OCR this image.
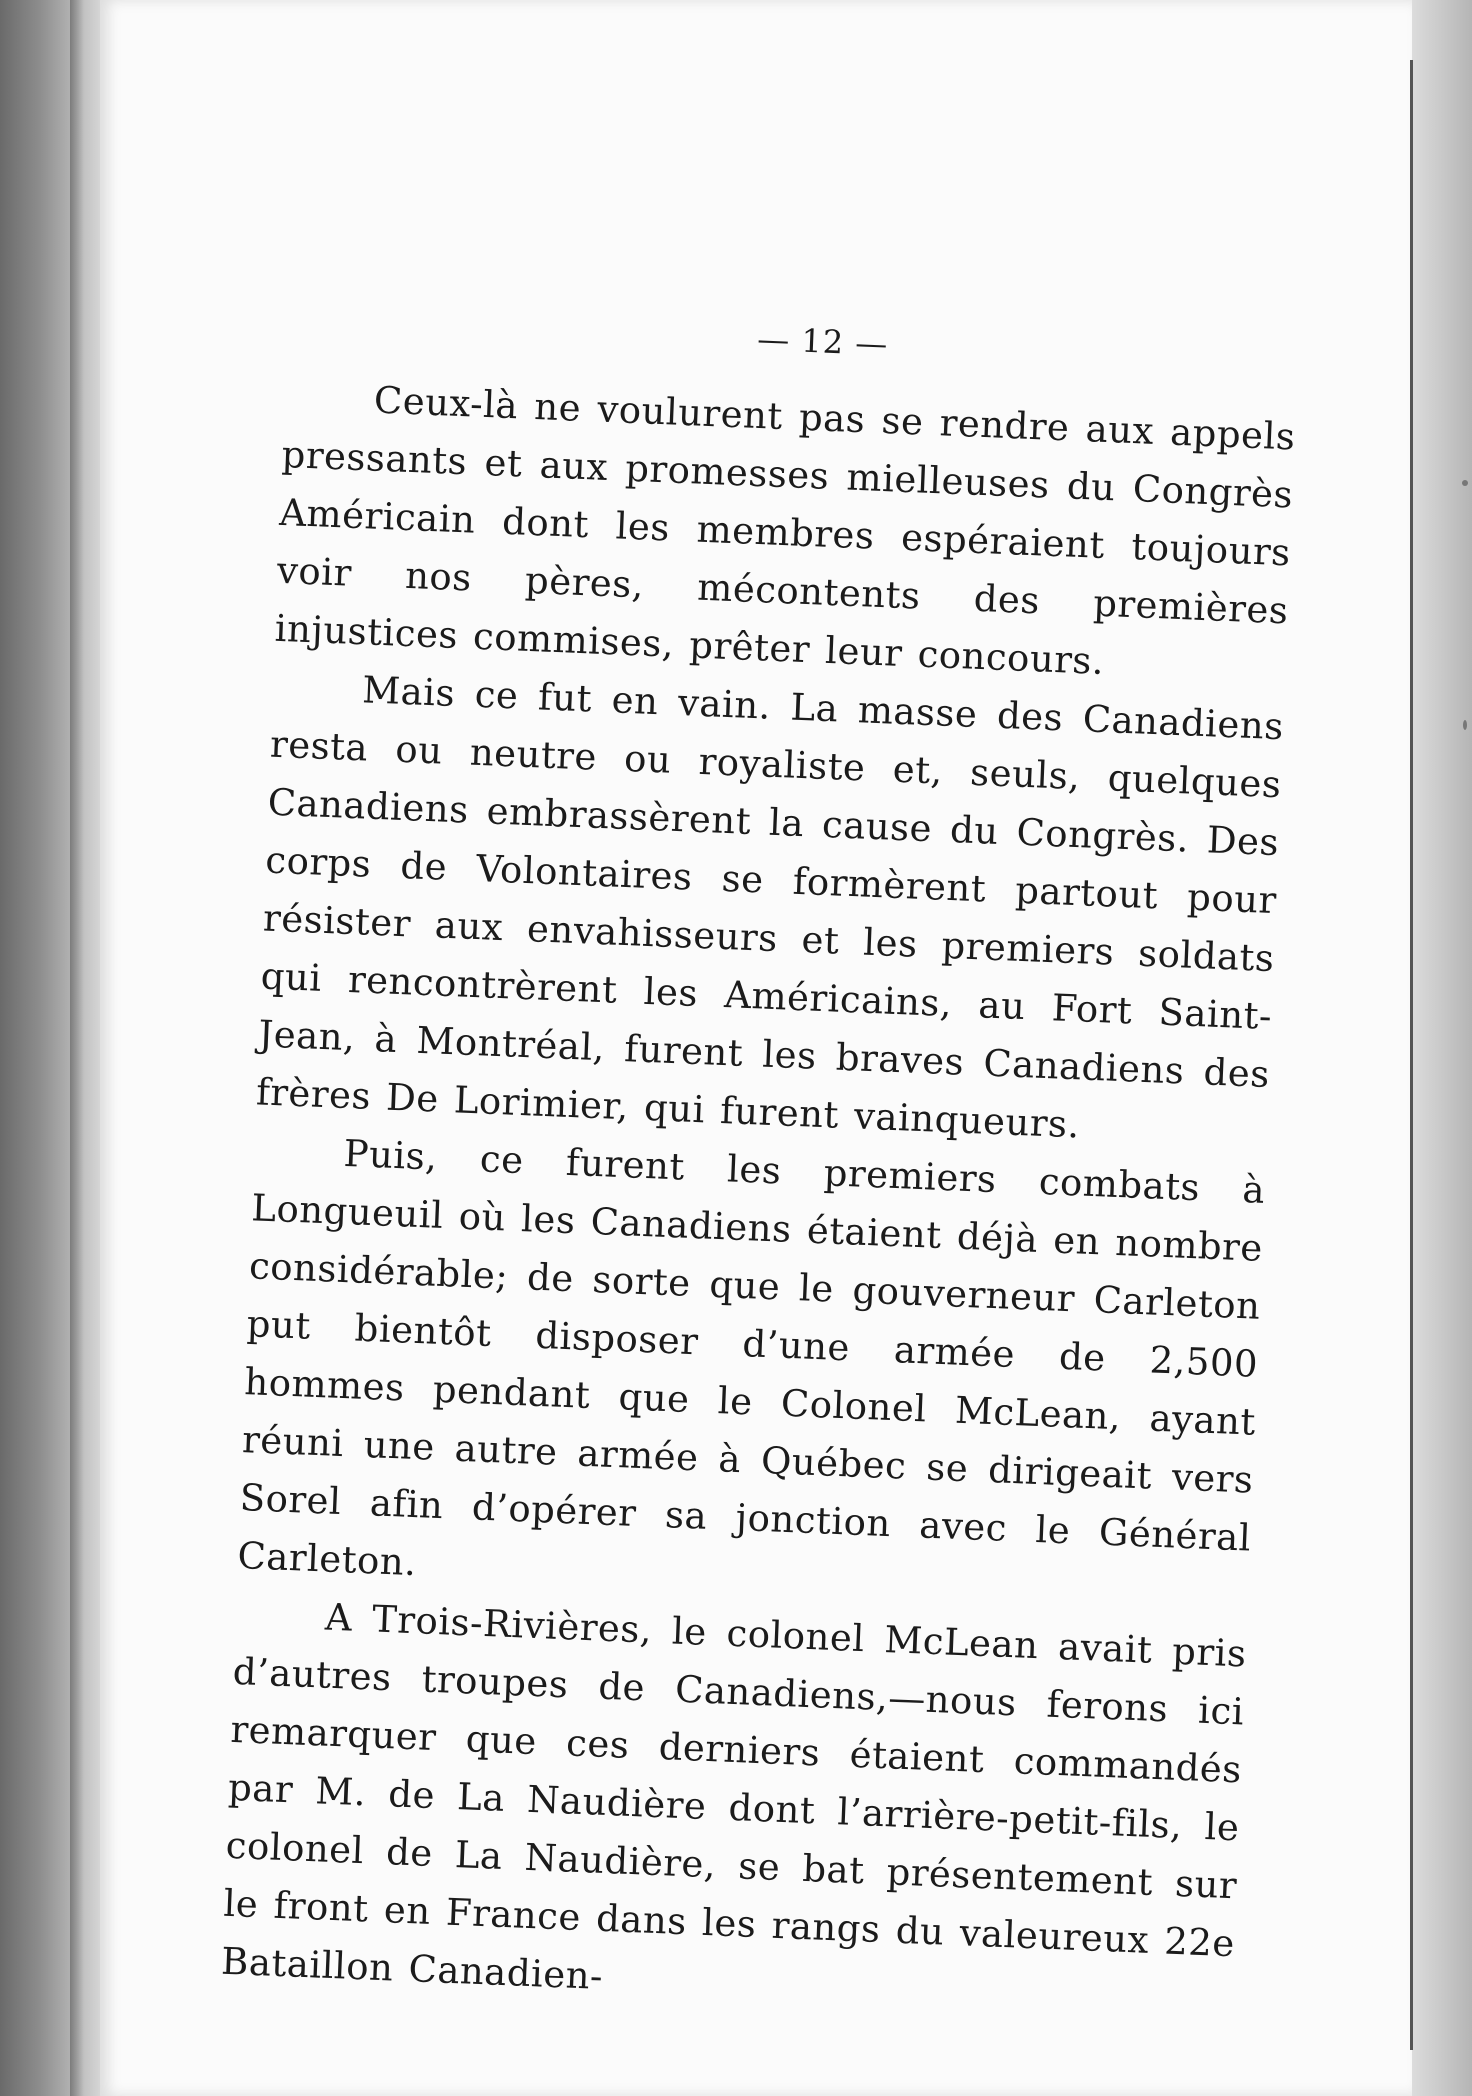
— 12 —

Ceux-là ne voulurent pas se rendre aux appels pressants et aux promesses mielleuses du Congrès Américain dont les membres espéraient toujours voir nos pères, mécontents des premières injustices commises, prêter leur concours.

Mais ce fut en vain. La masse des Canadiens resta ou neutre ou royaliste et, seuls, quelques Canadiens embrassèrent la cause du Congrès. Des corps de Volontaires se formèrent partout pour résister aux envahisseurs et les premiers soldats qui rencontrèrent les Américains, au Fort Saint-Jean, à Montréal, furent les braves Canadiens des frères De Lorimier, qui furent vainqueurs.

Puis, ce furent les premiers combats à Longueuil où les Canadiens étaient déjà en nombre considérable; de sorte que le gouverneur Carleton put bientôt disposer d’une armée de 2,500 hommes pendant que le Colonel McLean, ayant réuni une autre armée à Québec se dirigeait vers Sorel afin d’opérer sa jonction avec le Général Carleton.

A Trois-Rivières, le colonel McLean avait pris d’autres troupes de Canadiens,—nous ferons ici remarquer que ces derniers étaient commandés par M. de La Naudière dont l’arrière-petit-fils, le colonel de La Naudière, se bat présentement sur le front en France dans les rangs du valeureux 22e Bataillon Canadien-
